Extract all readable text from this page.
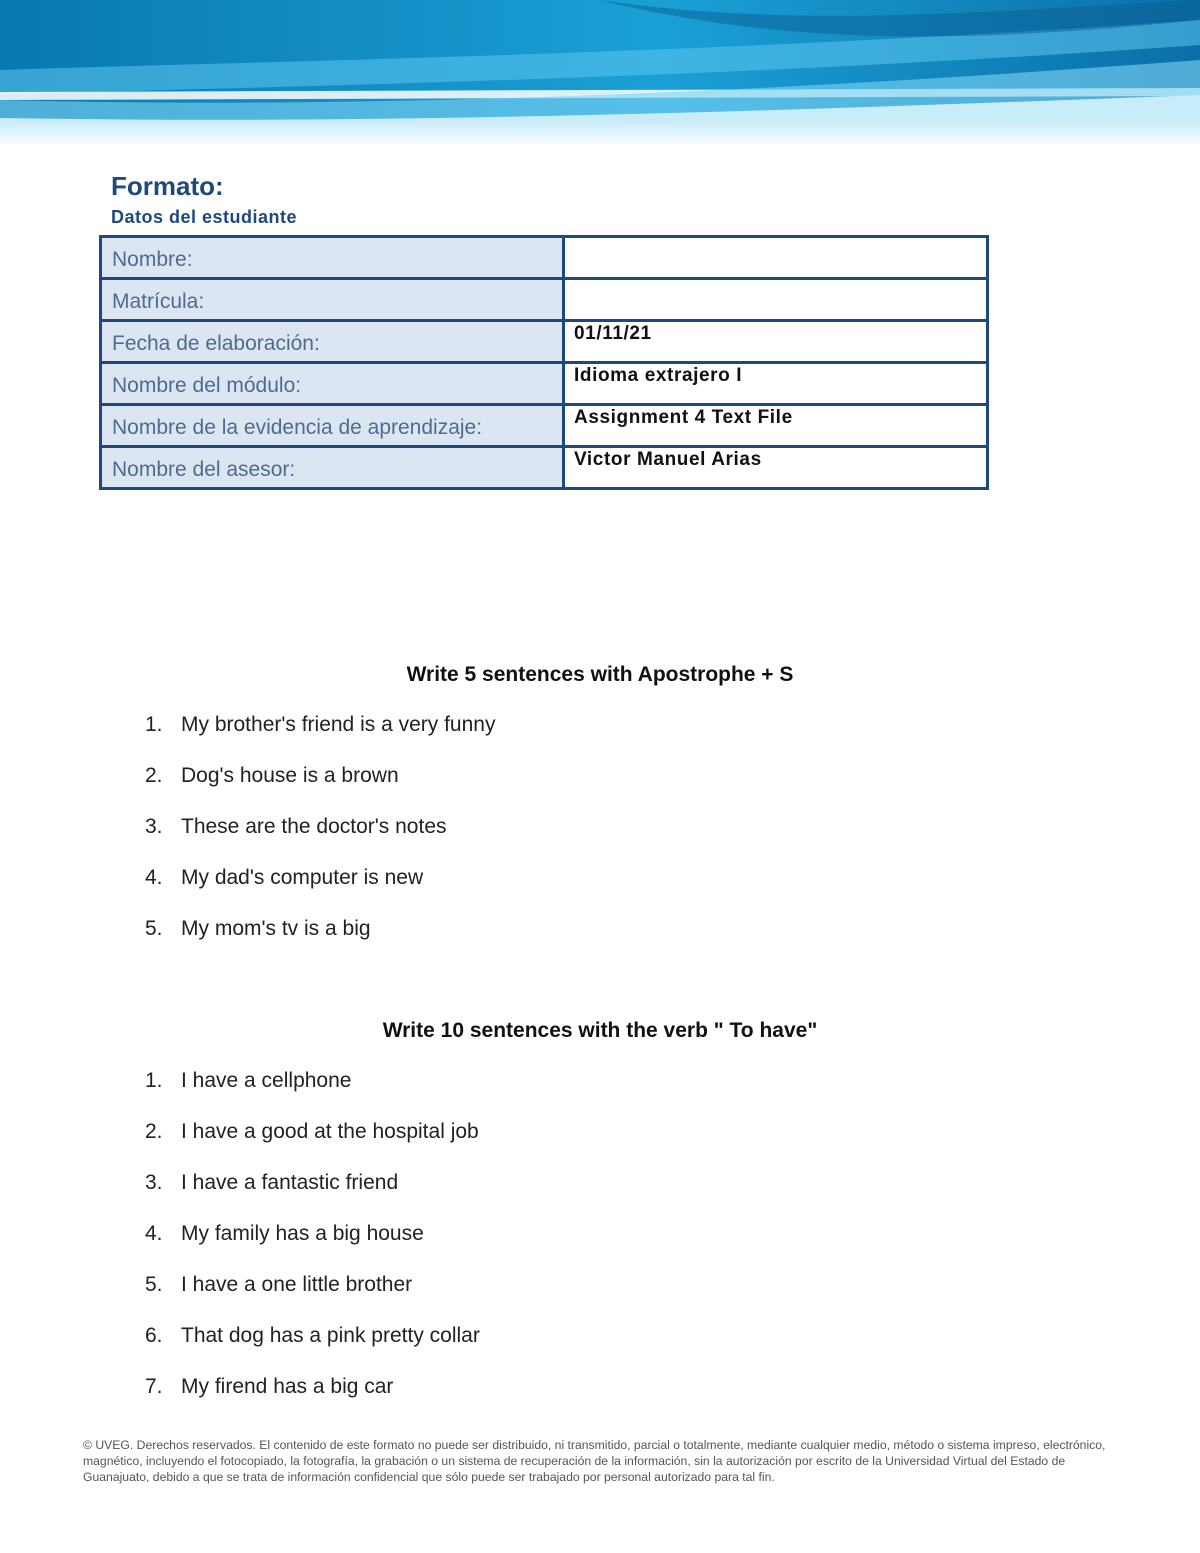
Formato:
Datos del estudiante
Nombre:	
Matrícula:	
Fecha de elaboración:	01/11/21
Nombre del módulo:	Idioma extrajero I
Nombre de la evidencia de aprendizaje:	Assignment 4 Text File
Nombre del asesor:	Victor Manuel Arias
Write 5 sentences with Apostrophe + S
1. My brother's friend is a very funny
2. Dog's house is a brown
3. These are the doctor's notes
4. My dad's computer is new
5. My mom's tv is a big
Write 10 sentences with the verb " To have"
1. I have a cellphone
2. I have a good at the hospital job
3. I have a fantastic friend
4. My family has a big house
5. I have a one little brother
6. That dog has a pink pretty collar
7. My firend has a big car
© UVEG. Derechos reservados. El contenido de este formato no puede ser distribuido, ni transmitido, parcial o totalmente, mediante cualquier medio, método o sistema impreso, electrónico, magnético, incluyendo el fotocopiado, la fotografía, la grabación o un sistema de recuperación de la información, sin la autorización por escrito de la Universidad Virtual del Estado de Guanajuato, debido a que se trata de información confidencial que sólo puede ser trabajado por personal autorizado para tal fin.
